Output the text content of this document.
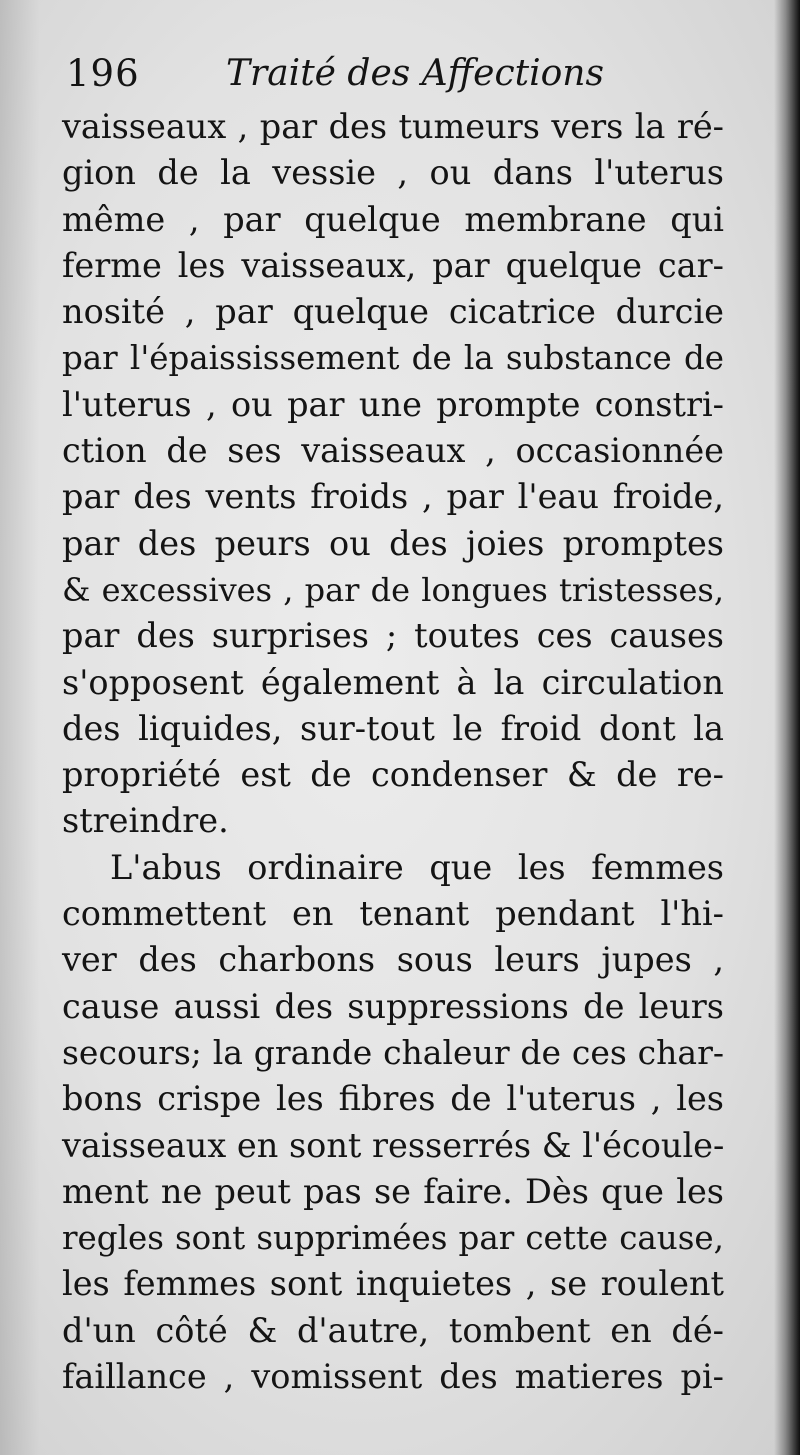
196 Traité des Affections
vaisseaux , par des tumeurs vers la ré-
gion de la vessie , ou dans l'uterus
même , par quelque membrane qui
ferme les vaisseaux, par quelque car-
nosité , par quelque cicatrice durcie
par l'épaississement de la substance de
l'uterus , ou par une prompte constri-
ction de ses vaisseaux , occasionnée
par des vents froids , par l'eau froide,
par des peurs ou des joies promptes
& excessives , par de longues tristesses,
par des surprises ; toutes ces causes
s'opposent également à la circulation
des liquides, sur-tout le froid dont la
propriété est de condenser & de re-
streindre.
L'abus ordinaire que les femmes
commettent en tenant pendant l'hi-
ver des charbons sous leurs jupes ,
cause aussi des suppressions de leurs
secours; la grande chaleur de ces char-
bons crispe les fibres de l'uterus , les
vaisseaux en sont resserrés & l'écoule-
ment ne peut pas se faire. Dès que les
regles sont supprimées par cette cause,
les femmes sont inquietes , se roulent
d'un côté & d'autre, tombent en dé-
faillance , vomissent des matieres pi-
